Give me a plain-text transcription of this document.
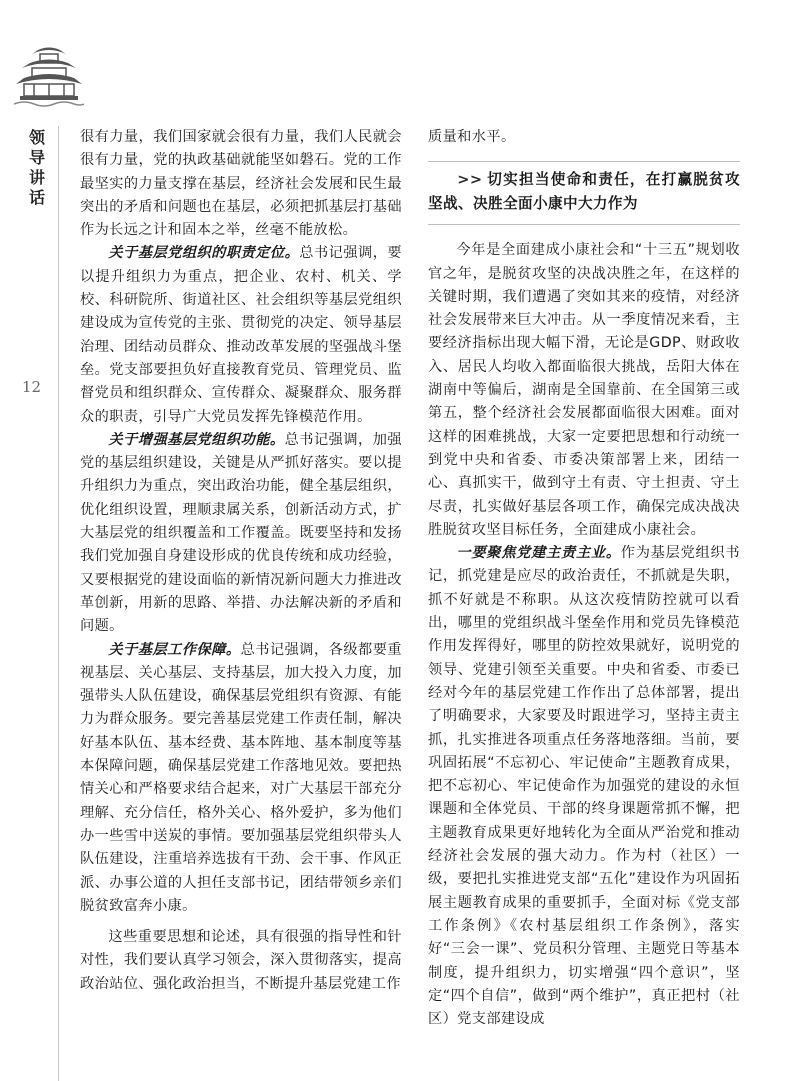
领导讲话
12

很有力量，我们国家就会很有力量，我们人民就会很有力量，党的执政基础就能坚如磐石。党的工作最坚实的力量支撑在基层，经济社会发展和民生最突出的矛盾和问题也在基层，必须把抓基层打基础作为长远之计和固本之举，丝毫不能放松。

关于基层党组织的职责定位。总书记强调，要以提升组织力为重点，把企业、农村、机关、学校、科研院所、街道社区、社会组织等基层党组织建设成为宣传党的主张、贯彻党的决定、领导基层治理、团结动员群众、推动改革发展的坚强战斗堡垒。党支部要担负好直接教育党员、管理党员、监督党员和组织群众、宣传群众、凝聚群众、服务群众的职责，引导广大党员发挥先锋模范作用。

关于增强基层党组织功能。总书记强调，加强党的基层组织建设，关键是从严抓好落实。要以提升组织力为重点，突出政治功能，健全基层组织，优化组织设置，理顺隶属关系，创新活动方式，扩大基层党的组织覆盖和工作覆盖。既要坚持和发扬我们党加强自身建设形成的优良传统和成功经验，又要根据党的建设面临的新情况新问题大力推进改革创新，用新的思路、举措、办法解决新的矛盾和问题。

关于基层工作保障。总书记强调，各级都要重视基层、关心基层、支持基层，加大投入力度，加强带头人队伍建设，确保基层党组织有资源、有能力为群众服务。要完善基层党建工作责任制，解决好基本队伍、基本经费、基本阵地、基本制度等基本保障问题，确保基层党建工作落地见效。要把热情关心和严格要求结合起来，对广大基层干部充分理解、充分信任，格外关心、格外爱护，多为他们办一些雪中送炭的事情。要加强基层党组织带头人队伍建设，注重培养选拔有干劲、会干事、作风正派、办事公道的人担任支部书记，团结带领乡亲们脱贫致富奔小康。

这些重要思想和论述，具有很强的指导性和针对性，我们要认真学习领会，深入贯彻落实，提高政治站位、强化政治担当，不断提升基层党建工作

质量和水平。

>> 切实担当使命和责任，在打赢脱贫攻坚战、决胜全面小康中大力作为

今年是全面建成小康社会和“十三五”规划收官之年，是脱贫攻坚的决战决胜之年，在这样的关键时期，我们遭遇了突如其来的疫情，对经济社会发展带来巨大冲击。从一季度情况来看，主要经济指标出现大幅下滑，无论是GDP、财政收入、居民人均收入都面临很大挑战，岳阳大体在湖南中等偏后，湖南是全国靠前、在全国第三或第五，整个经济社会发展都面临很大困难。面对这样的困难挑战，大家一定要把思想和行动统一到党中央和省委、市委决策部署上来，团结一心、真抓实干，做到守土有责、守土担责、守土尽责，扎实做好基层各项工作，确保完成决战决胜脱贫攻坚目标任务，全面建成小康社会。

一要聚焦党建主责主业。作为基层党组织书记，抓党建是应尽的政治责任，不抓就是失职，抓不好就是不称职。从这次疫情防控就可以看出，哪里的党组织战斗堡垒作用和党员先锋模范作用发挥得好，哪里的防控效果就好，说明党的领导、党建引领至关重要。中央和省委、市委已经对今年的基层党建工作作出了总体部署，提出了明确要求，大家要及时跟进学习，坚持主责主抓，扎实推进各项重点任务落地落细。当前，要巩固拓展“不忘初心、牢记使命”主题教育成果，把不忘初心、牢记使命作为加强党的建设的永恒课题和全体党员、干部的终身课题常抓不懈，把主题教育成果更好地转化为全面从严治党和推动经济社会发展的强大动力。作为村（社区）一级，要把扎实推进党支部“五化”建设作为巩固拓展主题教育成果的重要抓手，全面对标《党支部工作条例》《农村基层组织工作条例》，落实好“三会一课”、党员积分管理、主题党日等基本制度，提升组织力，切实增强“四个意识”，坚定“四个自信”，做到“两个维护”，真正把村（社区）党支部建设成
